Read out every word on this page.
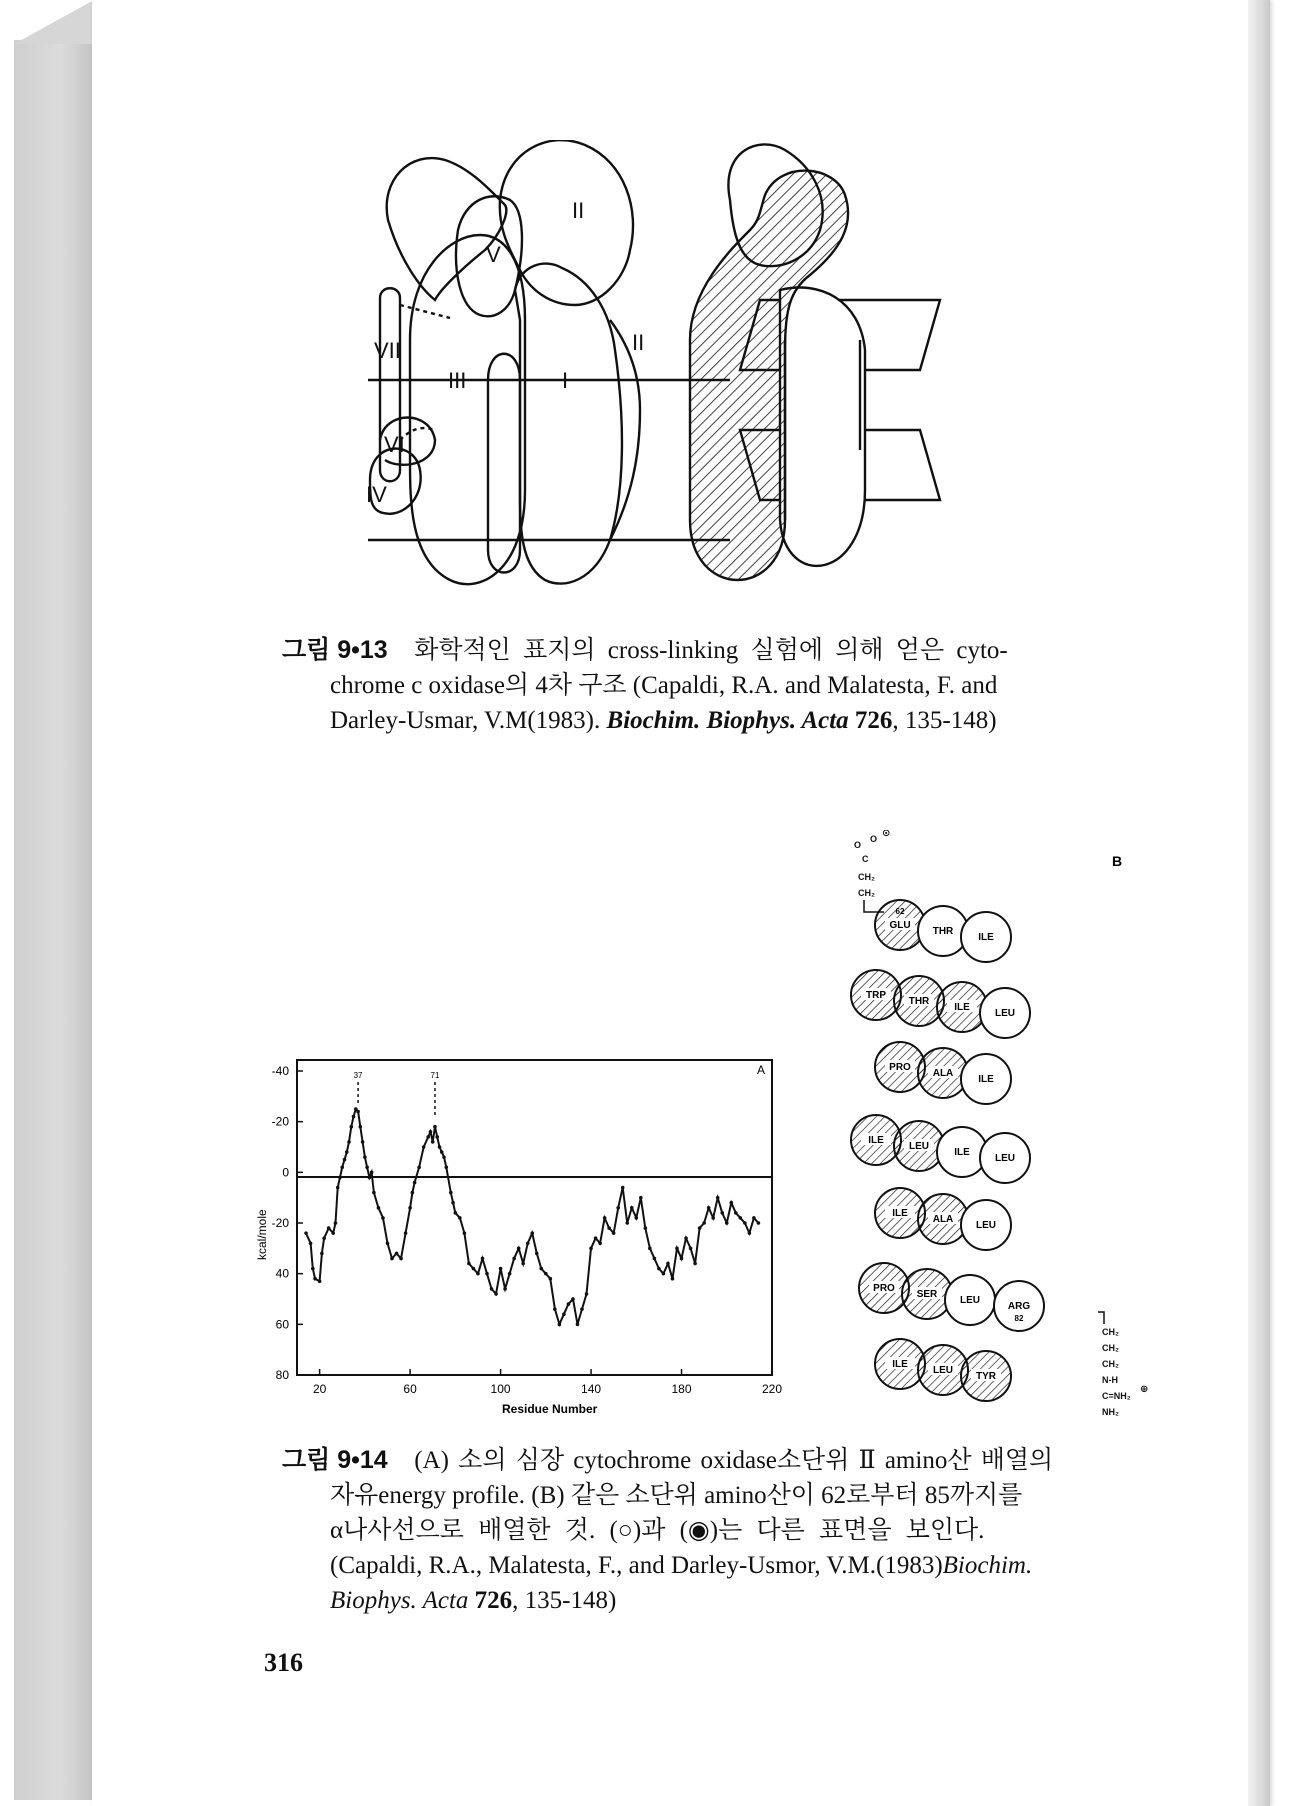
II
V
VII
III	I
II
VI
IV
그림 9•13 화학적인 표지의 cross-linking 실험에 의해 얻은 cyto-
chrome c oxidase의 4차 구조 (Capaldi, R.A. and Malatesta, F. and
Darley-Usmar, V.M(1983). Biochim. Biophys. Acta 726, 135-148)
A
kcal/mole
Residue Number
-40
-20
0
-20
40
60
80
20	60	100	140	180	220
37	71
B
O
O ⊙
C
CH₂
CH₂
CH₂
CH₂
CH₂
N-H
C=NH₂
⊕
NH₂
GLU
62
THR
ILE
TRP
THR
ILE
LEU
PRO
ALA
ILE
ILE
LEU
ILE
LEU
ILE
ALA
LEU
PRO
SER
LEU
ARG
82
ILE
LEU
TYR
그림 9•14 (A) 소의 심장 cytochrome oxidase소단위 Ⅱ amino산 배열의
자유energy profile. (B) 같은 소단위 amino산이 62로부터 85까지를
α나사선으로 배열한 것. (○)과 (◉)는 다른 표면을 보인다.
(Capaldi, R.A., Malatesta, F., and Darley-Usmor, V.M.(1983)Biochim.
Biophys. Acta 726, 135-148)
316
